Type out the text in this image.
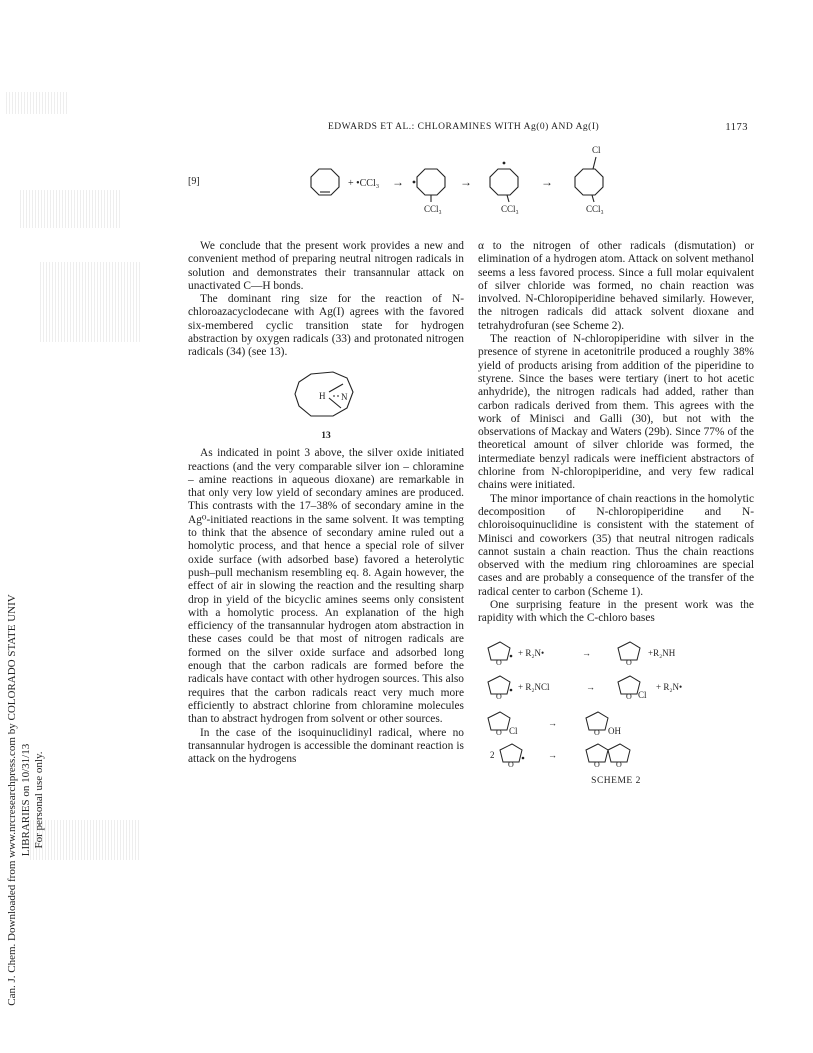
Can. J. Chem. Downloaded from www.nrcresearchpress.com by COLORADO STATE UNIV LIBRARIES on 10/31/13 For personal use only.
EDWARDS ET AL.: CHLORAMINES WITH Ag(0) AND Ag(I)	1173
[9]	+ •CCl₃ →	→	→
CCl₃	CCl₃	CCl₃
Cl

We conclude that the present work provides a new and convenient method of preparing neutral nitrogen radicals in solution and demonstrates their transannular attack on unactivated C—H bonds.

The dominant ring size for the reaction of N-chloroazacyclodecane with Ag(I) agrees with the favored six-membered cyclic transition state for hydrogen abstraction by oxygen radicals (33) and protonated nitrogen radicals (34) (see 13).

H N
13

As indicated in point 3 above, the silver oxide initiated reactions (and the very comparable silver ion – chloramine – amine reactions in aqueous dioxane) are remarkable in that only very low yield of secondary amines are produced. This contrasts with the 17–38% of secondary amine in the Ag⁰-initiated reactions in the same solvent. It was tempting to think that the absence of secondary amine ruled out a homolytic process, and that hence a special role of silver oxide surface (with adsorbed base) favored a heterolytic push–pull mechanism resembling eq. 8. Again however, the effect of air in slowing the reaction and the resulting sharp drop in yield of the bicyclic amines seems only consistent with a homolytic process. An explanation of the high efficiency of the transannular hydrogen atom abstraction in these cases could be that most of nitrogen radicals are formed on the silver oxide surface and adsorbed long enough that the carbon radicals are formed before the radicals have contact with other hydrogen sources. This also requires that the carbon radicals react very much more efficiently to abstract chlorine from chloramine molecules than to abstract hydrogen from solvent or other sources.

In the case of the isoquinuclidinyl radical, where no transannular hydrogen is accessible the dominant reaction is attack on the hydrogens

α to the nitrogen of other radicals (dismutation) or elimination of a hydrogen atom. Attack on solvent methanol seems a less favored process. Since a full molar equivalent of silver chloride was formed, no chain reaction was involved. N-Chloropiperidine behaved similarly. However, the nitrogen radicals did attack solvent dioxane and tetrahydrofuran (see Scheme 2).

The reaction of N-chloropiperidine with silver in the presence of styrene in acetonitrile produced a roughly 38% yield of products arising from addition of the piperidine to styrene. Since the bases were tertiary (inert to hot acetic anhydride), the nitrogen radicals had added, rather than carbon radicals derived from them. This agrees with the work of Minisci and Galli (30), but not with the observations of Mackay and Waters (29b). Since 77% of the theoretical amount of silver chloride was formed, the intermediate benzyl radicals were inefficient abstractors of chlorine from N-chloropiperidine, and very few radical chains were initiated.

The minor importance of chain reactions in the homolytic decomposition of N-chloropiperidine and N-chloroisoquinuclidine is consistent with the statement of Minisci and coworkers (35) that neutral nitrogen radicals cannot sustain a chain reaction. Thus the chain reactions observed with the medium ring chloroamines are special cases and are probably a consequence of the transfer of the radical center to carbon (Scheme 1).

One surprising feature in the present work was the rapidity with which the C-chloro bases

O	O
O	O
O	O
O	O O
+ R₂N•	→	+R₂NH
+ R₂NCl	→
Cl
+ R₂N•
Cl
→
OH
2	→
SCHEME 2
